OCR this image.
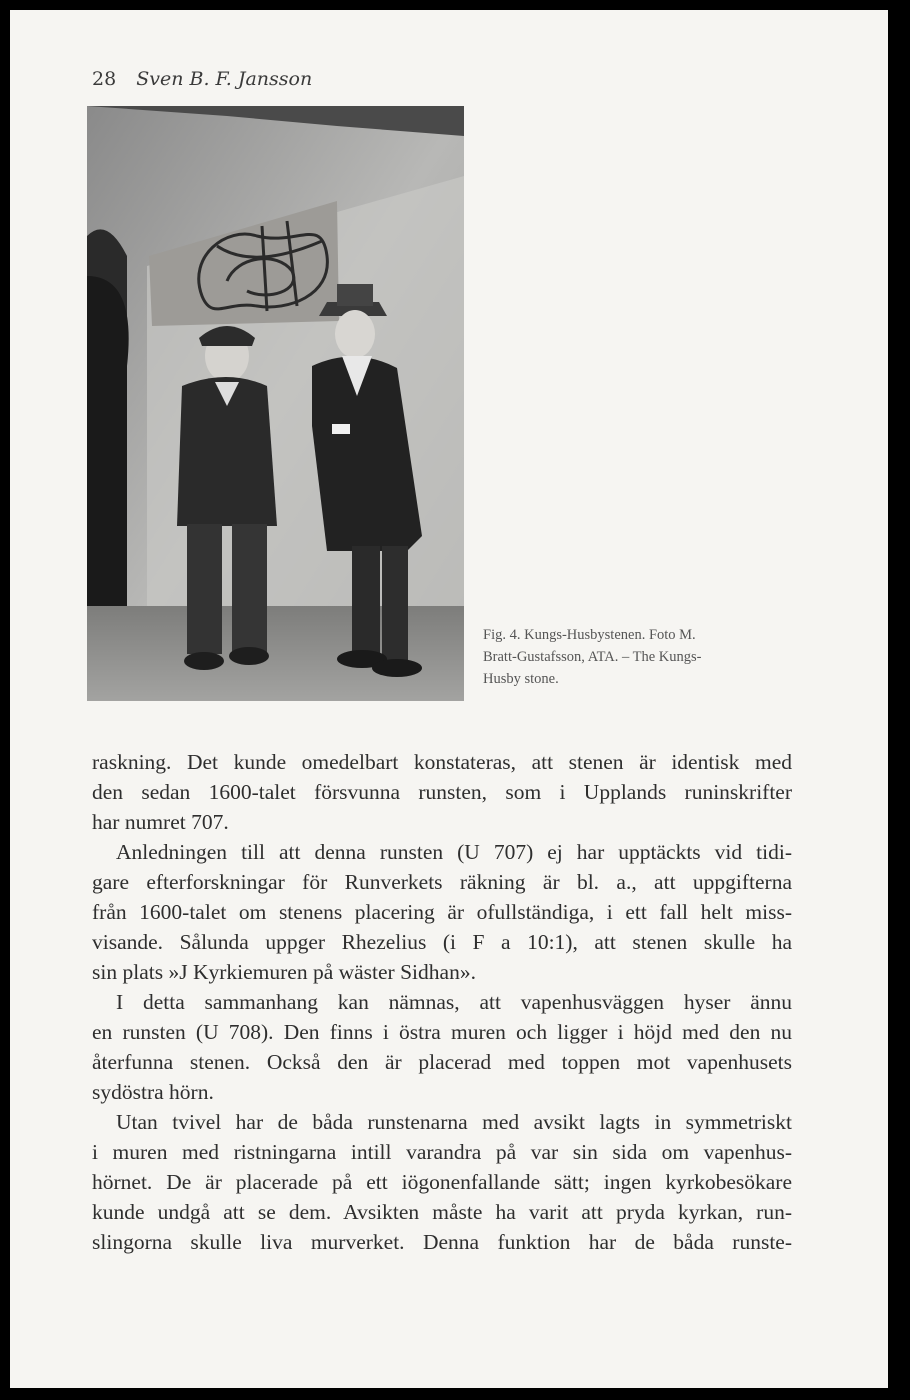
28 Sven B. F. Jansson
Fig. 4. Kungs-Husbystenen. Foto M.
Bratt-Gustafsson, ATA. – The Kungs-
Husby stone.
raskning. Det kunde omedelbart konstateras, att stenen är identisk med
den sedan 1600-talet försvunna runsten, som i Upplands runinskrifter
har numret 707.
Anledningen till att denna runsten (U 707) ej har upptäckts vid tidi-
gare efterforskningar för Runverkets räkning är bl. a., att uppgifterna
från 1600-talet om stenens placering är ofullständiga, i ett fall helt miss-
visande. Sålunda uppger Rhezelius (i F a 10:1), att stenen skulle ha
sin plats »J Kyrkiemuren på wäster Sidhan».
I detta sammanhang kan nämnas, att vapenhusväggen hyser ännu
en runsten (U 708). Den finns i östra muren och ligger i höjd med den nu
återfunna stenen. Också den är placerad med toppen mot vapenhusets
sydöstra hörn.
Utan tvivel har de båda runstenarna med avsikt lagts in symmetriskt
i muren med ristningarna intill varandra på var sin sida om vapenhus-
hörnet. De är placerade på ett iögonenfallande sätt; ingen kyrkobesökare
kunde undgå att se dem. Avsikten måste ha varit att pryda kyrkan, run-
slingorna skulle liva murverket. Denna funktion har de båda runste-
